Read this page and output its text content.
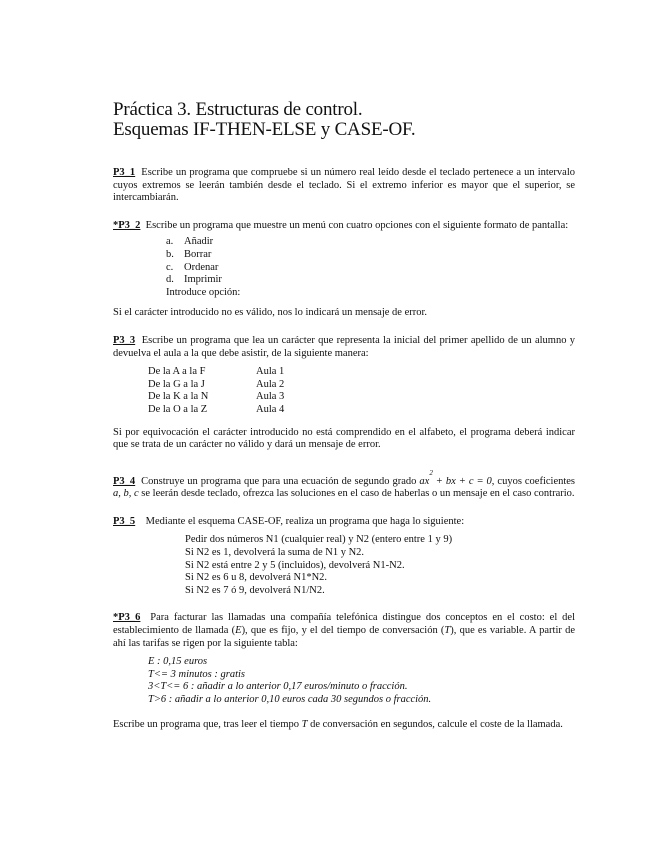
Práctica 3. Estructuras de control.
Esquemas IF-THEN-ELSE y CASE-OF.

P3_1 Escribe un programa que compruebe si un número real leído desde el teclado pertenece a un intervalo cuyos extremos se leerán también desde el teclado. Si el extremo inferior es mayor que el superior, se intercambiarán.

*P3_2 Escribe un programa que muestre un menú con cuatro opciones con el siguiente formato de pantalla:

a. Añadir
b. Borrar
c. Ordenar
d. Imprimir
Introduce opción:

Si el carácter introducido no es válido, nos lo indicará un mensaje de error.

P3_3 Escribe un programa que lea un carácter que representa la inicial del primer apellido de un alumno y devuelva el aula a la que debe asistir, de la siguiente manera:

De la A a la F	Aula 1
De la G a la J	Aula 2
De la K a la N	Aula 3
De la O a la Z	Aula 4

Si por equivocación el carácter introducido no está comprendido en el alfabeto, el programa deberá indicar que se trata de un carácter no válido y dará un mensaje de error.

P3_4 Construye un programa que para una ecuación de segundo grado $ax^2$ + bx + c = 0, cuyos coeficientes a, b, c se leerán desde teclado, ofrezca las soluciones en el caso de haberlas o un mensaje en el caso contrario.

P3_5 Mediante el esquema CASE-OF, realiza un programa que haga lo siguiente:

Pedir dos números N1 (cualquier real) y N2 (entero entre 1 y 9)
Si N2 es 1, devolverá la suma de N1 y N2.
Si N2 está entre 2 y 5 (incluidos), devolverá N1-N2.
Si N2 es 6 u 8, devolverá N1*N2.
Si N2 es 7 ó 9, devolverá N1/N2.

*P3_6 Para facturar las llamadas una compañía telefónica distingue dos conceptos en el costo: el del establecimiento de llamada (E), que es fijo, y el del tiempo de conversación (T), que es variable. A partir de ahí las tarifas se rigen por la siguiente tabla:

E : 0,15 euros
T<= 3 minutos : gratis
3<T<= 6 : añadir a lo anterior 0,17 euros/minuto o fracción.
T>6 : añadir a lo anterior 0,10 euros cada 30 segundos o fracción.

Escribe un programa que, tras leer el tiempo T de conversación en segundos, calcule el coste de la llamada.
